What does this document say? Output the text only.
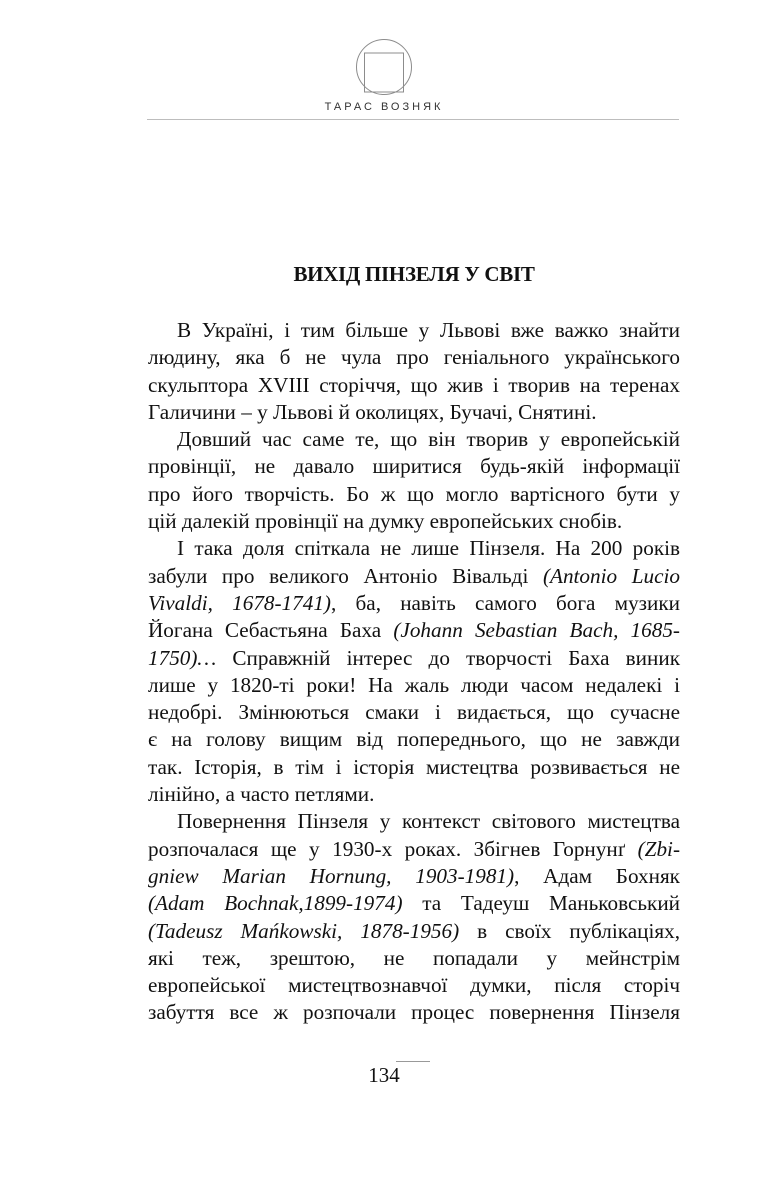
ТАРАС ВОЗНЯК
ВИХІД ПІНЗЕЛЯ У СВІТ
В Україні, і тим більше у Львові вже важко знайти
людину, яка б не чула про геніального українського
скульптора XVIII сторіччя, що жив і творив на теренах
Галичини – у Львові й околицях, Бучачі, Снятині.
Довший час саме те, що він творив у европейській
провінції, не давало ширитися будь-якій інформації
про його творчість. Бо ж що могло вартісного бути у
цій далекій провінції на думку европейських снобів.
І така доля спіткала не лише Пінзеля. На 200 років
забули про великого Антоніо Вівальді (Antonio Lucio
Vivaldi, 1678-1741), ба, навіть самого бога музики
Йогана Себастьяна Баха (Johann Sebastian Bach, 1685-
1750)… Справжній інтерес до творчості Баха виник
лише у 1820-ті роки! На жаль люди часом недалекі і
недобрі. Змінюються смаки і видається, що сучасне
є на голову вищим від попереднього, що не завжди
так. Історія, в тім і історія мистецтва розвивається не
лінійно, а часто петлями.
Повернення Пінзеля у контекст світового мистецтва
розпочалася ще у 1930-х роках. Збігнев Горнунґ (Zbi-
gniew Marian Hornung, 1903-1981), Адам Бохняк
(Adam Bochnak,1899-1974) та Тадеуш Маньковський
(Tadeusz Mańkowski, 1878-1956) в своїх публікаціях,
які теж, зрештою, не попадали у мейнстрім
европейської мистецтвознавчої думки, після сторіч
забуття все ж розпочали процес повернення Пінзеля
134
